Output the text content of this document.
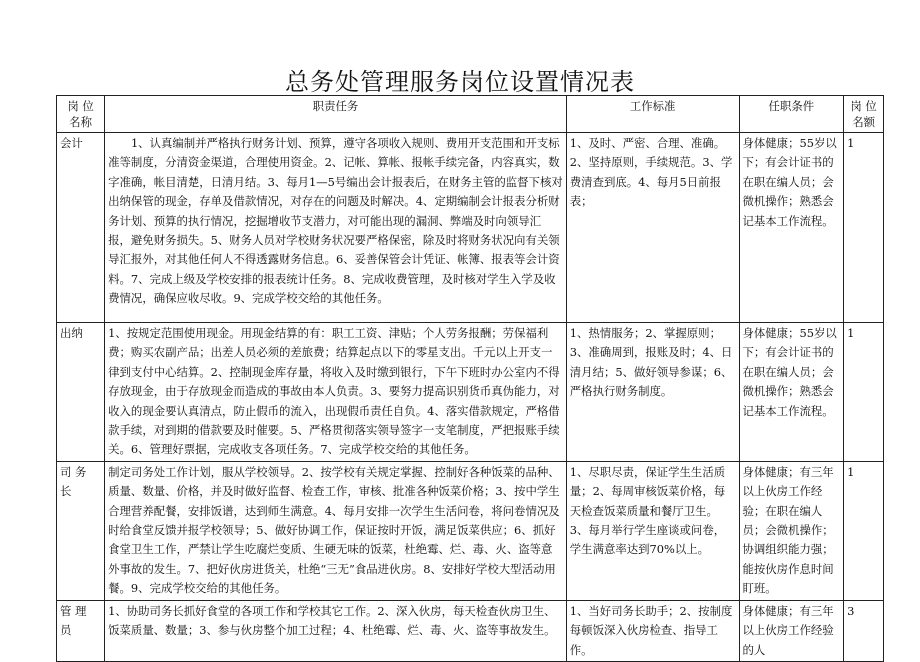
总务处管理服务岗位设置情况表
岗 位 名称	职责任务	工作标准	任职条件	岗 位 名额
会计	1、认真编制并严格执行财务计划、预算，遵守各项收入规则、费用开支范围和开支标准等制度，分清资金渠道，合理使用资金。2、记帐、算帐、报帐手续完备，内容真实，数字准确，帐目清楚，日清月结。3、每月1—5号编出会计报表后，在财务主管的监督下核对出纳保管的现金，存单及借款情况，对存在的问题及时解决。4、定期编制会计报表分析财务计划、预算的执行情况，挖掘增收节支潜力，对可能出现的漏洞、弊端及时向领导汇报，避免财务损失。5、财务人员对学校财务状况要严格保密，除及时将财务状况向有关领导汇报外，对其他任何人不得透露财务信息。6、妥善保管会计凭证、帐簿、报表等会计资料。7、完成上级及学校安排的报表统计任务。8、完成收费管理，及时核对学生入学及收费情况，确保应收尽收。9、完成学校交给的其他任务。	1、及时、严密、合理、准确。2、坚持原则，手续规范。3、学费清查到底。4、每月5日前报表；	身体健康；55岁以下；有会计证书的在职在编人员；会微机操作；熟悉会记基本工作流程。	1
出纳	1、按规定范围使用现金。用现金结算的有：职工工资、津贴；个人劳务报酬；劳保福利费；购买农副产品；出差人员必须的差旅费；结算起点以下的零星支出。千元以上开支一律到支付中心结算。2、控制现金库存量，将收入及时缴到银行，下午下班时办公室内不得存放现金，由于存放现金而造成的事故由本人负责。3、要努力提高识别货币真伪能力，对收入的现金要认真清点，防止假币的流入，出现假币责任自负。4、落实借款规定，严格借款手续，对到期的借款要及时催要。5、严格贯彻落实领导签字一支笔制度，严把报账手续关。6、管理好票据，完成收支各项任务。7、完成学校交给的其他任务。	1、热情服务；2、掌握原则；3、准确周到，报账及时；4、日清月结；5、做好领导参谋；6、严格执行财务制度。	身体健康；55岁以下；有会计证书的在职在编人员；会微机操作；熟悉会记基本工作流程。	1
司 务 长	制定司务处工作计划，服从学校领导。2、按学校有关规定掌握、控制好各种饭菜的品种、质量、数量、价格，并及时做好监督、检查工作，审核、批准各种饭菜价格；3、按中学生合理营养配餐，安排饭谱，达到师生满意。4、每月安排一次学生生活问卷，将问卷情况及时给食堂反馈并报学校领导；5、做好协调工作，保证按时开饭，满足饭菜供应；6、抓好食堂卫生工作，严禁让学生吃腐烂变质、生硬无味的饭菜，杜绝霉、烂、毒、火、盗等意外事故的发生。7、把好伙房进货关，杜绝“三无”食品进伙房。8、安排好学校大型活动用餐。9、完成学校交给的其他任务。	1、尽职尽责，保证学生生活质量；2、每周审核饭菜价格，每天检查饭菜质量和餐厅卫生。3、每月举行学生座谈或问卷，学生满意率达到70%以上。	身体健康；有三年以上伙房工作经验；在职在编人员；会微机操作；协调组织能力强；能按伙房作息时间盯班。	1
管 理 员	1、协助司务长抓好食堂的各项工作和学校其它工作。2、深入伙房，每天检查伙房卫生、饭菜质量、数量；3、参与伙房整个加工过程；4、杜绝霉、烂、毒、火、盗等事故发生。	1、当好司务长助手；2、按制度每顿饭深入伙房检查、指导工作。	身体健康；有三年以上伙房工作经验的人	3
